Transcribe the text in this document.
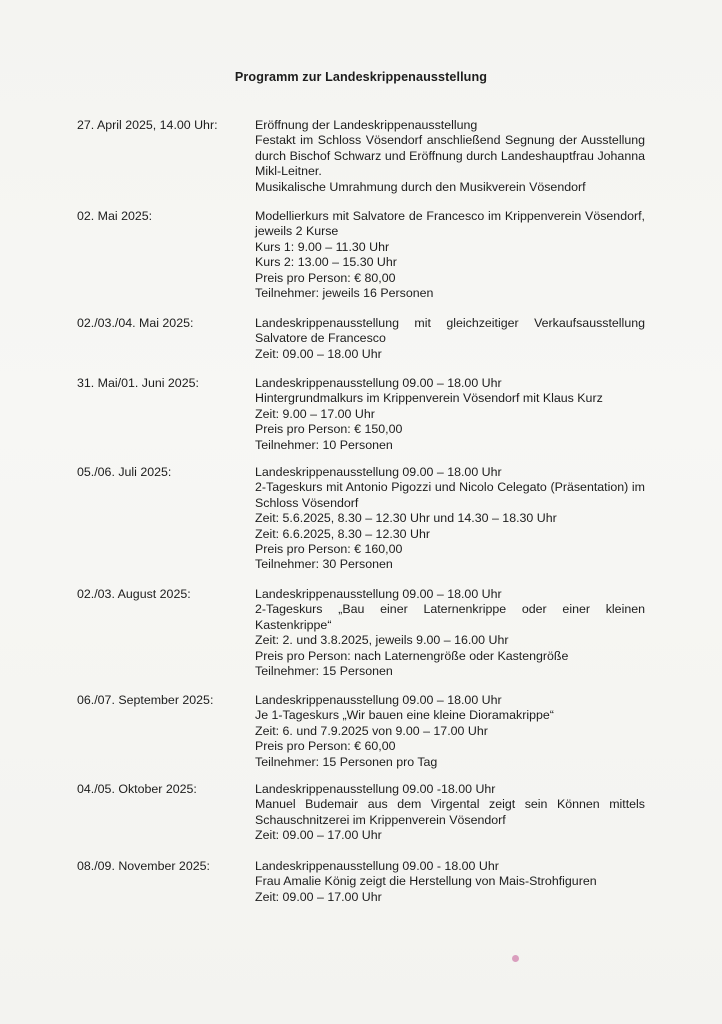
Programm zur Landeskrippenausstellung
27. April 2025, 14.00 Uhr:	Eröffnung der Landeskrippenausstellung
Festakt im Schloss Vösendorf anschließend Segnung der Ausstellung durch Bischof Schwarz und Eröffnung durch Landeshauptfrau Johanna Mikl-Leitner.
Musikalische Umrahmung durch den Musikverein Vösendorf
02. Mai 2025:	Modellierkurs mit Salvatore de Francesco im Krippenverein Vösendorf, jeweils 2 Kurse
Kurs 1: 9.00 – 11.30 Uhr
Kurs 2: 13.00 – 15.30 Uhr
Preis pro Person: € 80,00
Teilnehmer: jeweils 16 Personen
02./03./04. Mai 2025:	Landeskrippenausstellung mit gleichzeitiger Verkaufsausstellung Salvatore de Francesco
Zeit: 09.00 – 18.00 Uhr
31. Mai/01. Juni 2025:	Landeskrippenausstellung 09.00 – 18.00 Uhr
Hintergrundmalkurs im Krippenverein Vösendorf mit Klaus Kurz
Zeit: 9.00 – 17.00 Uhr
Preis pro Person: € 150,00
Teilnehmer: 10 Personen
05./06. Juli 2025:	Landeskrippenausstellung 09.00 – 18.00 Uhr
2-Tageskurs mit Antonio Pigozzi und Nicolo Celegato (Präsentation) im Schloss Vösendorf
Zeit: 5.6.2025, 8.30 – 12.30 Uhr und 14.30 – 18.30 Uhr
Zeit: 6.6.2025, 8.30 – 12.30 Uhr
Preis pro Person: € 160,00
Teilnehmer: 30 Personen
02./03. August 2025:	Landeskrippenausstellung 09.00 – 18.00 Uhr
2-Tageskurs „Bau einer Laternenkrippe oder einer kleinen Kastenkrippe“
Zeit: 2. und 3.8.2025, jeweils 9.00 – 16.00 Uhr
Preis pro Person: nach Laternengröße oder Kastengröße
Teilnehmer: 15 Personen
06./07. September 2025:	Landeskrippenausstellung 09.00 – 18.00 Uhr
Je 1-Tageskurs „Wir bauen eine kleine Dioramakrippe“
Zeit: 6. und 7.9.2025 von 9.00 – 17.00 Uhr
Preis pro Person: € 60,00
Teilnehmer: 15 Personen pro Tag
04./05. Oktober 2025:	Landeskrippenausstellung 09.00 -18.00 Uhr
Manuel Budemair aus dem Virgental zeigt sein Können mittels Schauschnitzerei im Krippenverein Vösendorf
Zeit: 09.00 – 17.00 Uhr
08./09. November 2025:	Landeskrippenausstellung 09.00 - 18.00 Uhr
Frau Amalie König zeigt die Herstellung von Mais-Strohfiguren
Zeit: 09.00 – 17.00 Uhr
